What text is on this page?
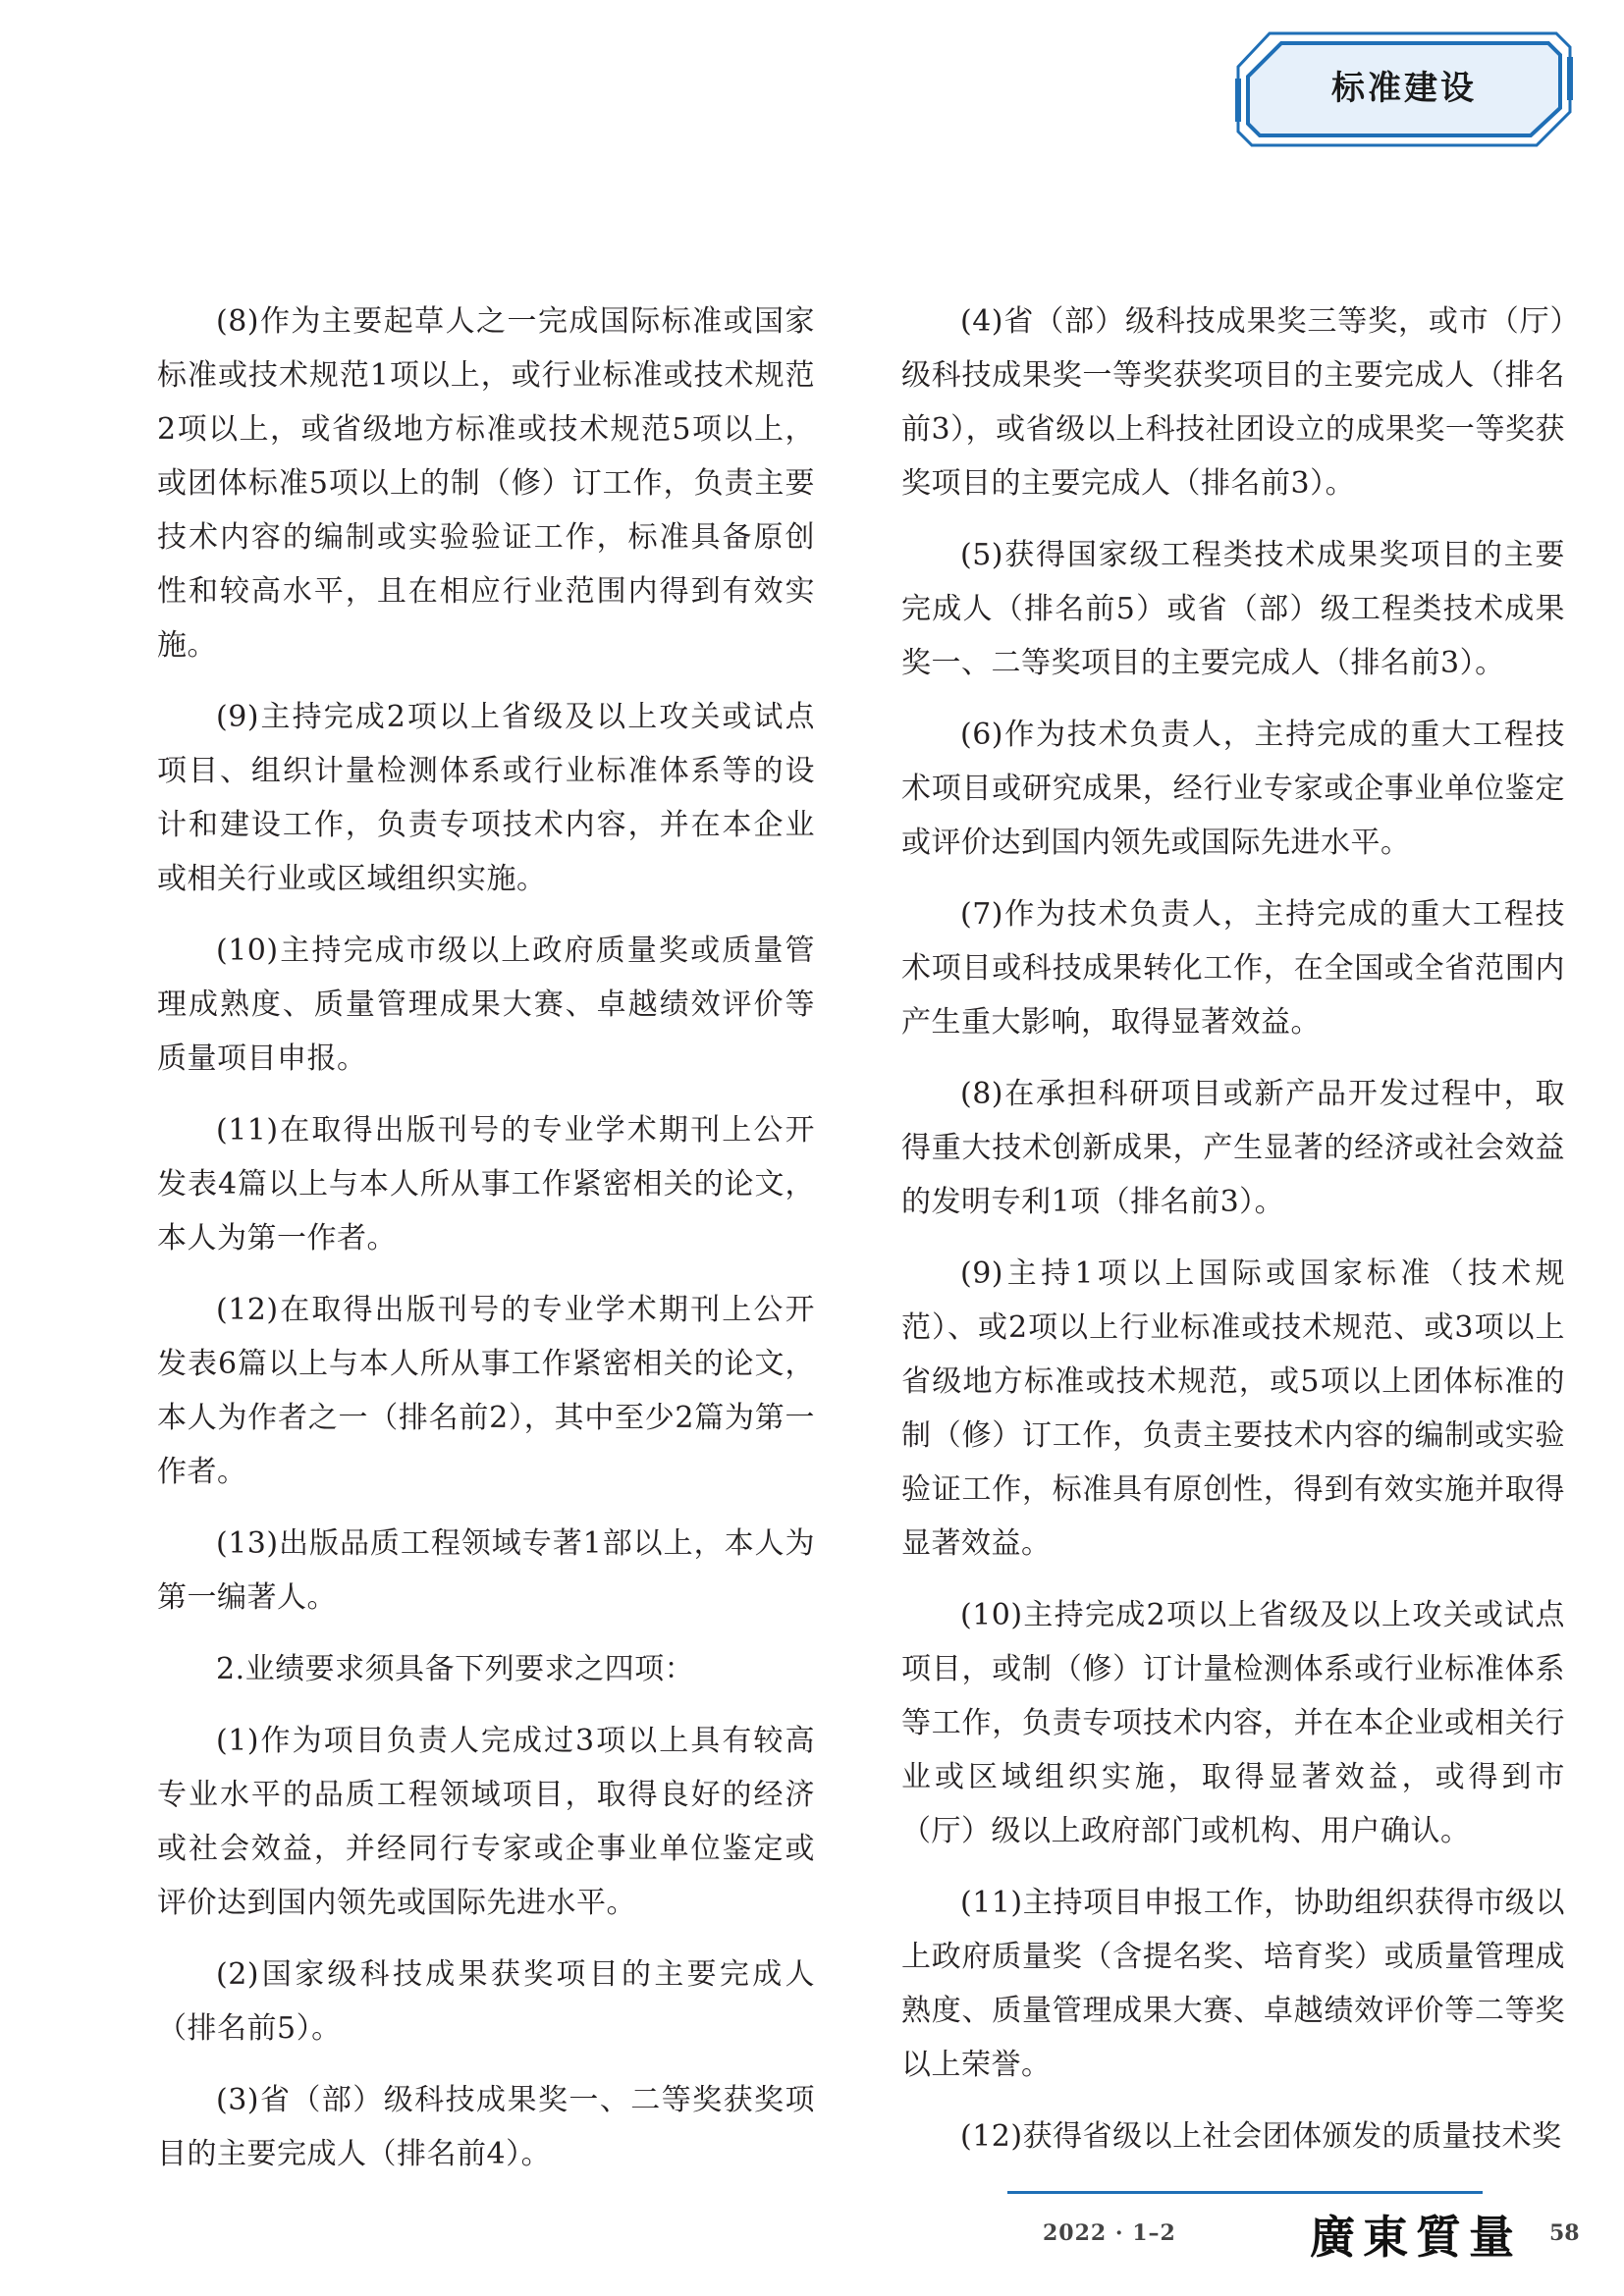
标准建设

(8)作为主要起草人之一完成国际标准或国家标准或技术规范1项以上，或行业标准或技术规范2项以上，或省级地方标准或技术规范5项以上，或团体标准5项以上的制（修）订工作，负责主要技术内容的编制或实验验证工作，标准具备原创性和较高水平，且在相应行业范围内得到有效实施。

(9)主持完成2项以上省级及以上攻关或试点项目、组织计量检测体系或行业标准体系等的设计和建设工作，负责专项技术内容，并在本企业或相关行业或区域组织实施。

(10)主持完成市级以上政府质量奖或质量管理成熟度、质量管理成果大赛、卓越绩效评价等质量项目申报。

(11)在取得出版刊号的专业学术期刊上公开发表4篇以上与本人所从事工作紧密相关的论文，本人为第一作者。

(12)在取得出版刊号的专业学术期刊上公开发表6篇以上与本人所从事工作紧密相关的论文，本人为作者之一（排名前2），其中至少2篇为第一作者。

(13)出版品质工程领域专著1部以上，本人为第一编著人。

2.业绩要求须具备下列要求之四项：

(1)作为项目负责人完成过3项以上具有较高专业水平的品质工程领域项目，取得良好的经济或社会效益，并经同行专家或企事业单位鉴定或评价达到国内领先或国际先进水平。

(2)国家级科技成果获奖项目的主要完成人（排名前5）。

(3)省（部）级科技成果奖一、二等奖获奖项目的主要完成人（排名前4）。

(4)省（部）级科技成果奖三等奖，或市（厅）级科技成果奖一等奖获奖项目的主要完成人（排名前3），或省级以上科技社团设立的成果奖一等奖获奖项目的主要完成人（排名前3）。

(5)获得国家级工程类技术成果奖项目的主要完成人（排名前5）或省（部）级工程类技术成果奖一、二等奖项目的主要完成人（排名前3）。

(6)作为技术负责人，主持完成的重大工程技术项目或研究成果，经行业专家或企事业单位鉴定或评价达到国内领先或国际先进水平。

(7)作为技术负责人，主持完成的重大工程技术项目或科技成果转化工作，在全国或全省范围内产生重大影响，取得显著效益。

(8)在承担科研项目或新产品开发过程中，取得重大技术创新成果，产生显著的经济或社会效益的发明专利1项（排名前3）。

(9)主持1项以上国际或国家标准（技术规范）、或2项以上行业标准或技术规范、或3项以上省级地方标准或技术规范，或5项以上团体标准的制（修）订工作，负责主要技术内容的编制或实验验证工作，标准具有原创性，得到有效实施并取得显著效益。

(10)主持完成2项以上省级及以上攻关或试点项目，或制（修）订计量检测体系或行业标准体系等工作，负责专项技术内容，并在本企业或相关行业或区域组织实施，取得显著效益，或得到市（厅）级以上政府部门或机构、用户确认。

(11)主持项目申报工作，协助组织获得市级以上政府质量奖（含提名奖、培育奖）或质量管理成熟度、质量管理成果大赛、卓越绩效评价等二等奖以上荣誉。

(12)获得省级以上社会团体颁发的质量技术奖

2022 · 1–2	廣東質量 58
